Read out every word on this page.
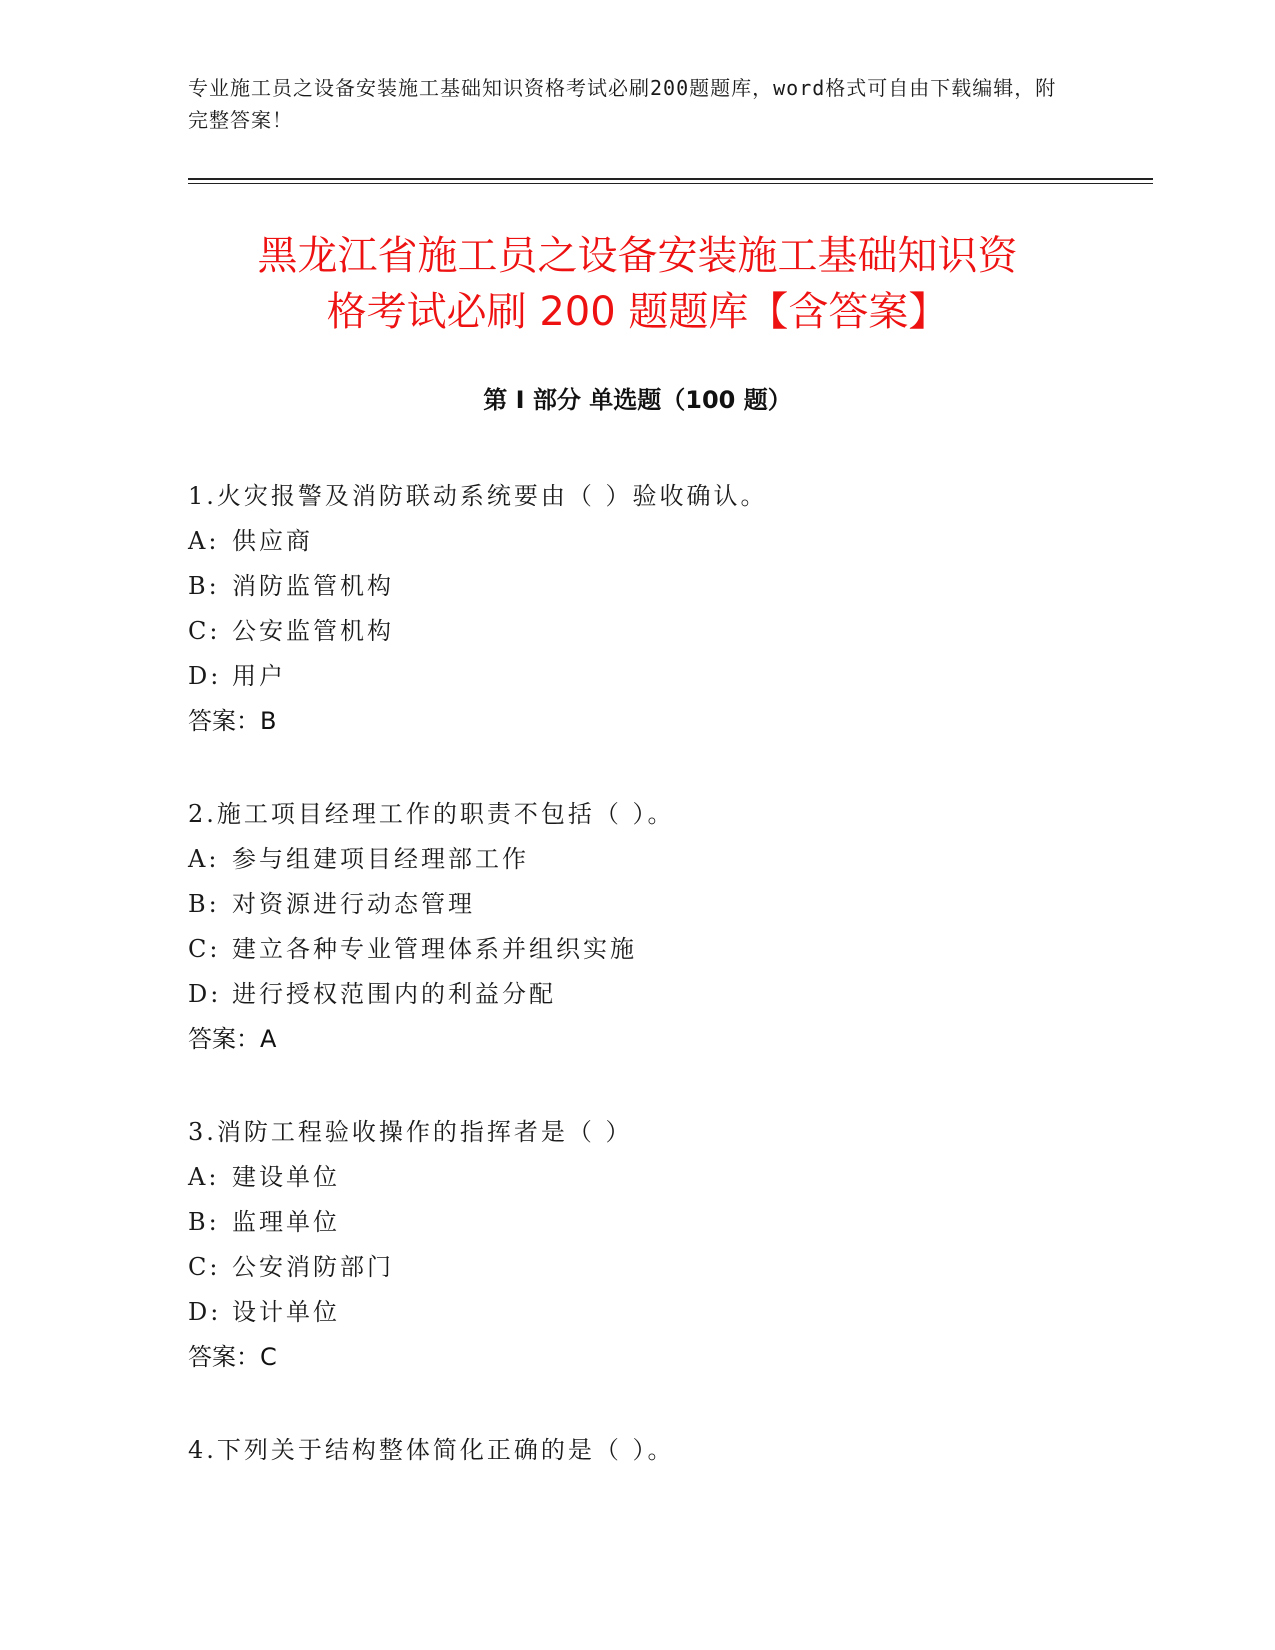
专业施工员之设备安装施工基础知识资格考试必刷200题题库，word格式可自由下载编辑，附完整答案！

黑龙江省施工员之设备安装施工基础知识资
格考试必刷 200 题题库【含答案】
第 I 部分 单选题（100 题）
1.火灾报警及消防联动系统要由（ ）验收确认。
A: 供应商
B: 消防监管机构
C: 公安监管机构
D: 用户
答案：B
2.施工项目经理工作的职责不包括（ ）。
A: 参与组建项目经理部工作
B: 对资源进行动态管理
C: 建立各种专业管理体系并组织实施
D: 进行授权范围内的利益分配
答案：A
3.消防工程验收操作的指挥者是（ ）
A: 建设单位
B: 监理单位
C: 公安消防部门
D: 设计单位
答案：C
4.下列关于结构整体简化正确的是（ ）。
